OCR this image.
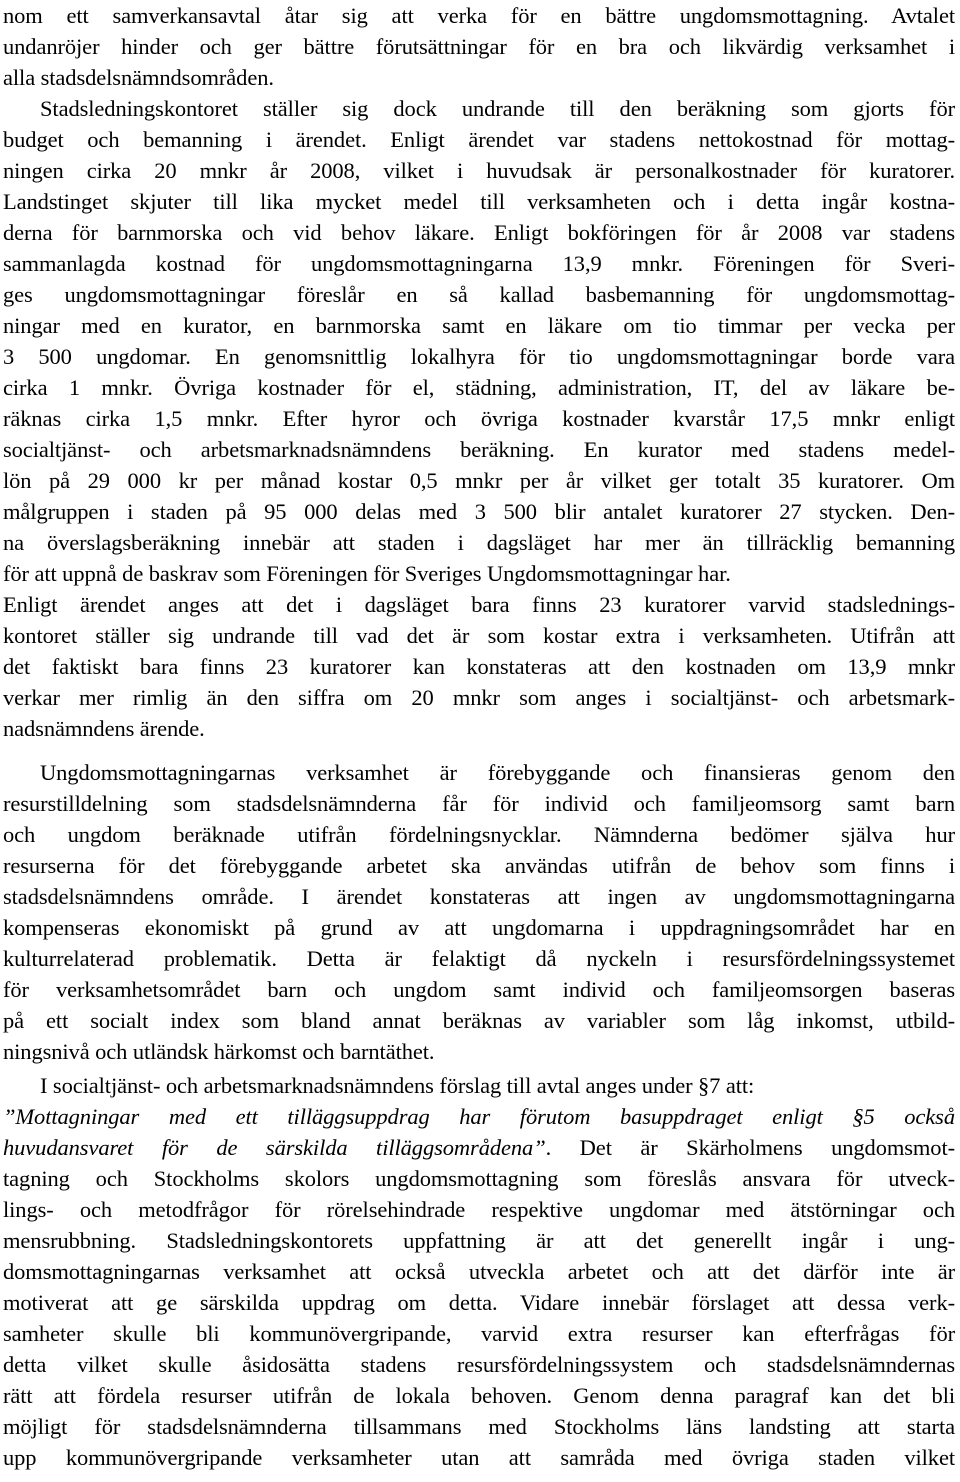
nom ett samverkansavtal åtar sig att verka för en bättre ungdomsmottagning. Avtalet
undanröjer hinder och ger bättre förutsättningar för en bra och likvärdig verksamhet i
alla stadsdelsnämndsområden.
Stadsledningskontoret ställer sig dock undrande till den beräkning som gjorts för
budget och bemanning i ärendet. Enligt ärendet var stadens nettokostnad för mottag-
ningen cirka 20 mnkr år 2008, vilket i huvudsak är personalkostnader för kuratorer.
Landstinget skjuter till lika mycket medel till verksamheten och i detta ingår kostna-
derna för barnmorska och vid behov läkare. Enligt bokföringen för år 2008 var stadens
sammanlagda kostnad för ungdomsmottagningarna 13,9 mnkr. Föreningen för Sveri-
ges ungdomsmottagningar föreslår en så kallad basbemanning för ungdomsmottag-
ningar med en kurator, en barnmorska samt en läkare om tio timmar per vecka per
3 500 ungdomar. En genomsnittlig lokalhyra för tio ungdomsmottagningar borde vara
cirka 1 mnkr. Övriga kostnader för el, städning, administration, IT, del av läkare be-
räknas cirka 1,5 mnkr. Efter hyror och övriga kostnader kvarstår 17,5 mnkr enligt
socialtjänst- och arbetsmarknadsnämndens beräkning. En kurator med stadens medel-
lön på 29 000 kr per månad kostar 0,5 mnkr per år vilket ger totalt 35 kuratorer. Om
målgruppen i staden på 95 000 delas med 3 500 blir antalet kuratorer 27 stycken. Den-
na överslagsberäkning innebär att staden i dagsläget har mer än tillräcklig bemanning
för att uppnå de baskrav som Föreningen för Sveriges Ungdomsmottagningar har.
Enligt ärendet anges att det i dagsläget bara finns 23 kuratorer varvid stadslednings-
kontoret ställer sig undrande till vad det är som kostar extra i verksamheten. Utifrån att
det faktiskt bara finns 23 kuratorer kan konstateras att den kostnaden om 13,9 mnkr
verkar mer rimlig än den siffra om 20 mnkr som anges i socialtjänst- och arbetsmark-
nadsnämndens ärende.
Ungdomsmottagningarnas verksamhet är förebyggande och finansieras genom den
resurstilldelning som stadsdelsnämnderna får för individ och familjeomsorg samt barn
och ungdom beräknade utifrån fördelningsnycklar. Nämnderna bedömer själva hur
resurserna för det förebyggande arbetet ska användas utifrån de behov som finns i
stadsdelsnämndens område. I ärendet konstateras att ingen av ungdomsmottagningarna
kompenseras ekonomiskt på grund av att ungdomarna i uppdragningsområdet har en
kulturrelaterad problematik. Detta är felaktigt då nyckeln i resursfördelningssystemet
för verksamhetsområdet barn och ungdom samt individ och familjeomsorgen baseras
på ett socialt index som bland annat beräknas av variabler som låg inkomst, utbild-
ningsnivå och utländsk härkomst och barntäthet.
I socialtjänst- och arbetsmarknadsnämndens förslag till avtal anges under §7 att:
”Mottagningar med ett tilläggsuppdrag har förutom basuppdraget enligt §5 också
huvudansvaret för de särskilda tilläggsområdena”. Det är Skärholmens ungdomsmot-
tagning och Stockholms skolors ungdomsmottagning som föreslås ansvara för utveck-
lings- och metodfrågor för rörelsehindrade respektive ungdomar med ätstörningar och
mensrubbning. Stadsledningskontorets uppfattning är att det generellt ingår i ung-
domsmottagningarnas verksamhet att också utveckla arbetet och att det därför inte är
motiverat att ge särskilda uppdrag om detta. Vidare innebär förslaget att dessa verk-
samheter skulle bli kommunövergripande, varvid extra resurser kan efterfrågas för
detta vilket skulle åsidosätta stadens resursfördelningssystem och stadsdelsnämndernas
rätt att fördela resurser utifrån de lokala behoven. Genom denna paragraf kan det bli
möjligt för stadsdelsnämnderna tillsammans med Stockholms läns landsting att starta
upp kommunövergripande verksamheter utan att samråda med övriga staden vilket
